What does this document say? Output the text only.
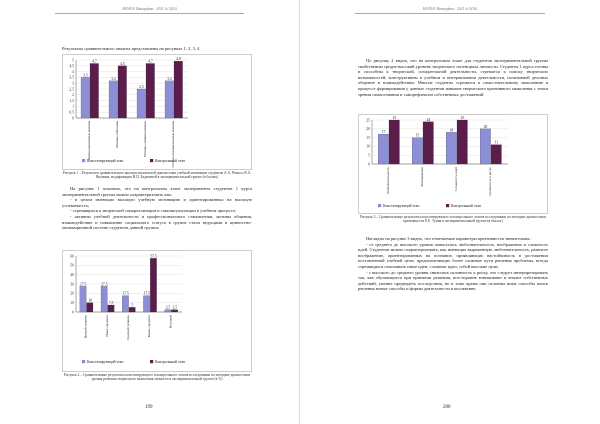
НАУКА! Интерфакс · 2021 № 5(16)
Результаты сравнительного анализа представлены на рисунках 1, 2, 3, 4.
0
0,5
1
1,5
2
2,5
3
3,5
4
4,5
5
3,5
4,7
Коммуникативные мотивы
3,2
4,5
Мотивы избегания
2,5
4,7
Мотивы самореализации
3,2
4,9
Учебно-познавательные мотивы
Констатирующий этап	Контрольный этап
Рисунок 1 – Результаты сравнительного анализа показателей диагностики учебной мотивации студентов А.А. Реана и В.А. Якунина, модификация Н.Ц. Бадмаевой в экспериментальной группе (в баллах)

На рисунке 1 показано, что на контрольном этапе эксперимента студентов 1 курса экспериментальной группы можно охарактеризовать как:

- в целом имеющих высокую учебную мотивацию и ориентированных на высокую успеваемость;

- стремящихся к творческой самореализации и самоактуализации в учебном процессе;

- активны учебной деятельности и профессионального становления, мотивы общения, взаимодействие и повышение социального статуса в группе стали ведущими в цинностно-мотивационной системе студентов данной группы.

0
10
20
30
40
50
60
27,5
10
Низкий уровень
27,5
7,5
Ниже среднего
17,5
5
Средний уровень
17,5
57,5
Выше среднего
2,5 2,5
Высокий
Констатирующий этап	Контрольный этап
Рисунок 2 – Сравнительные результаты констатирующего и контрольного этапов исследования по методике диагностики уровня развития творческого мышления личности в экспериментальной группе (в %)
199
НАУКА! Интерфакс · 2021 № 5(16)

По рисунку 2 видно, что на контрольном этапе для студентов экспериментальной группы свойственны средне-высокий уровень творческого потенциала личности. Студенты 1 курса готовы и способны к творческой, созидательной деятельности, стремятся к поиску творческих возможностей, конструктивны в учебном и интерактивном деятельности, позитивной деловых общение и взаимодействии. Многие студенты стремятся к самостоятельному мышлению в процессе формирования у данных студентов навыков творческого креативного мышления с точки зрения самопознания и саморефлексии собственных достижений.

0
5
10
15
20
25
17
25
Любознательность
15
24
Воображение
18
25
Сложность идей
20
11
Склонность к риску
Констатирующий этап	Контрольный этап
Рисунок 3 – Сравнительные результаты констатирующего и контрольного этапов исследования по методике диагностики креативности Е.Е. Туник в экспериментальной группе (в баллах)

Наглядно на рисунке 3 видно, что отмечаемые параметры креативности значительны:

- от среднего до высокого уровня повысилась любознательность, воображение и сложность идей. Студентов можно охарактеризовать, как имеющих выраженную любознательность, развитое воображение, ориентированных на познание, проявляющих настойчивость в достижении поставленной учебной цели, предпочитающих более сложные пути решения проблемы, всегда стремящихся отыскивать иные идеи, сложные идеи, собой высокие цели;

- с высокого до среднего уровня снизилась склонность к риску, что следует интерпретировать так, как обучающиеся при принятии решения, всесторонне взвешивают и анализ собственных действий, умение предвидеть последствия, но в тоже время они склонны иные способы поиск решения новые способы и формы деятельности в коллективе.

200
